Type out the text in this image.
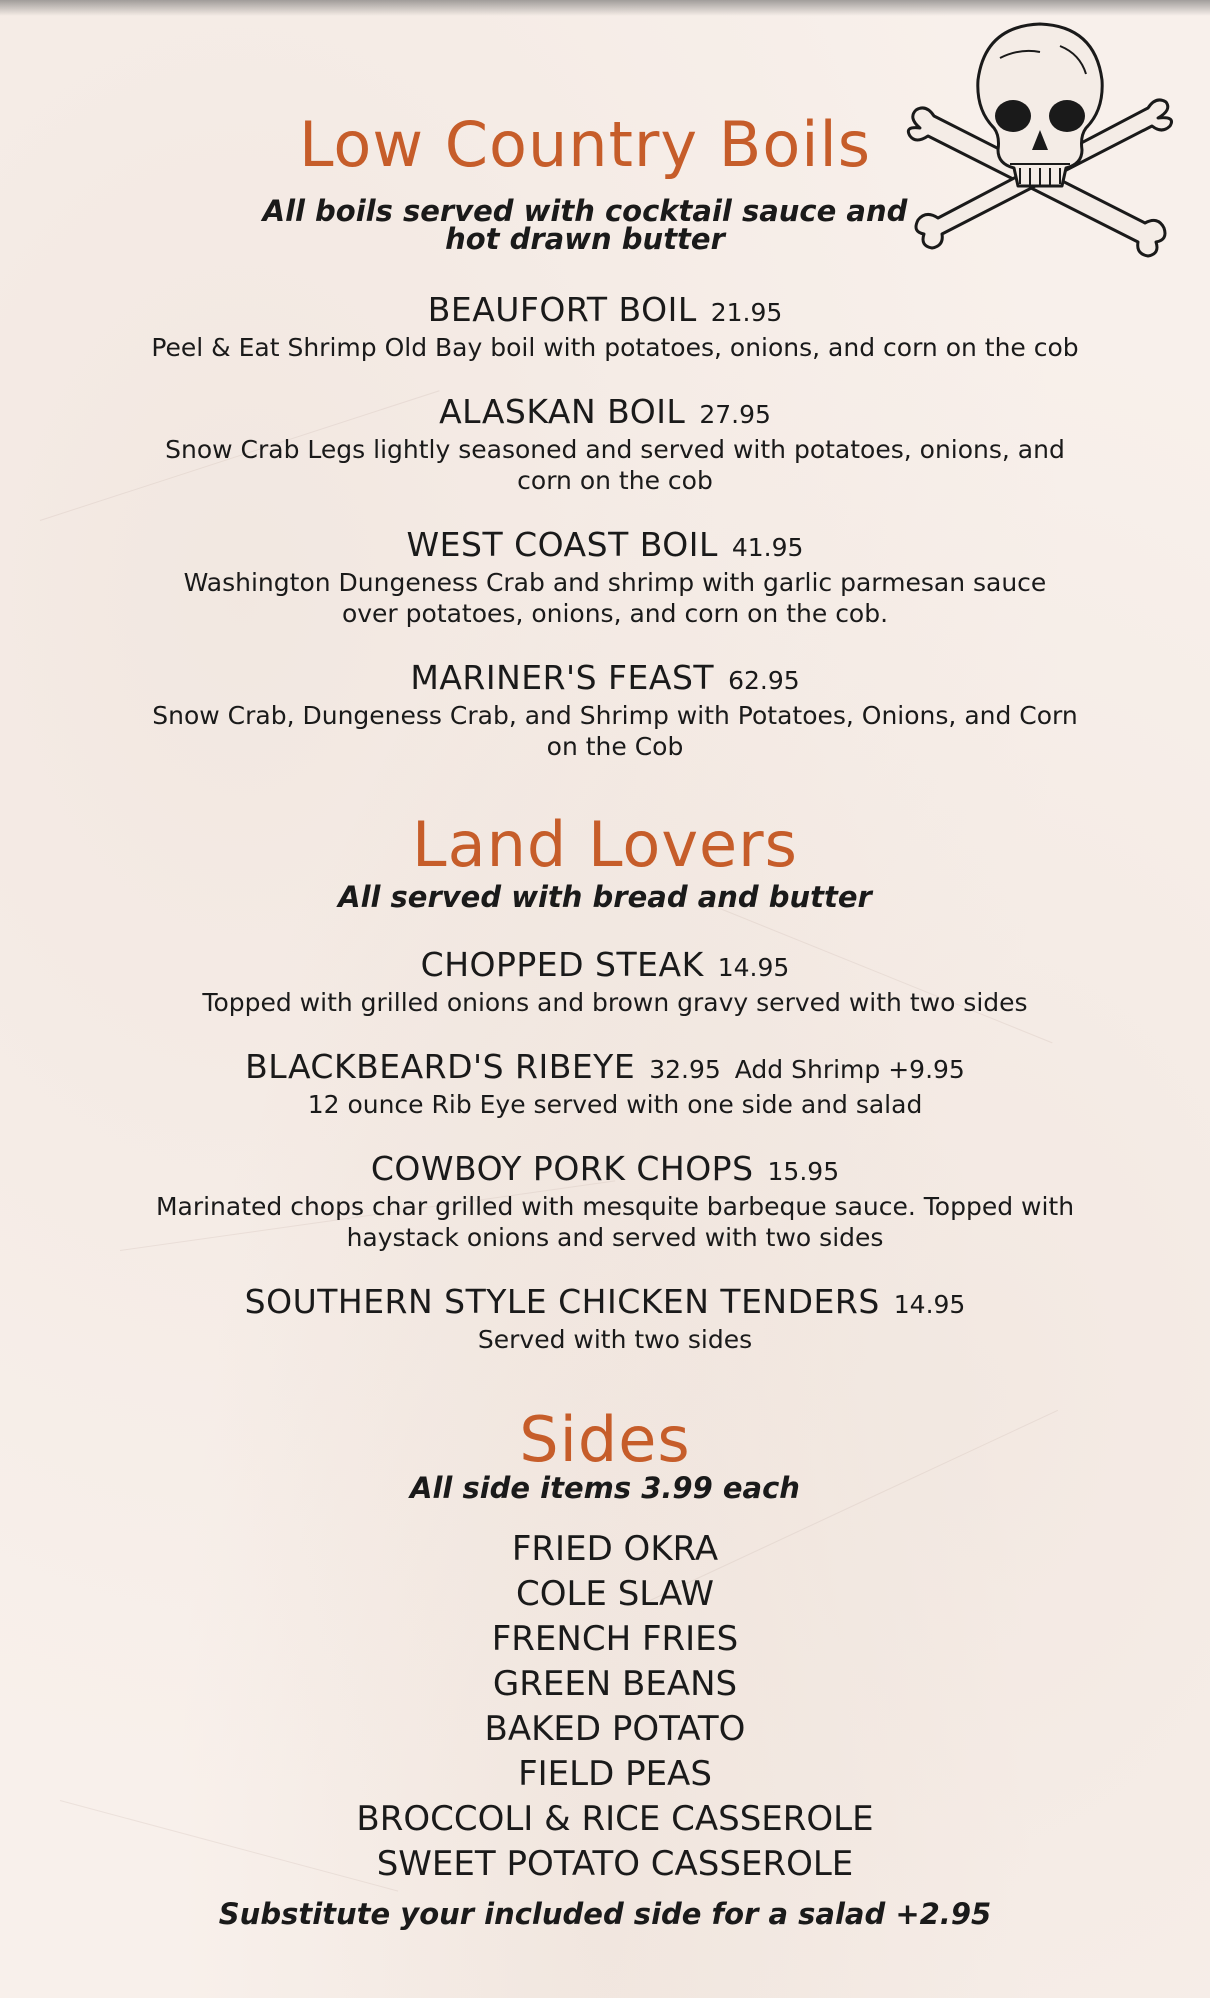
Low Country Boils
All boils served with cocktail sauce and
hot drawn butter
BEAUFORT BOIL 21.95
Peel & Eat Shrimp Old Bay boil with potatoes, onions, and corn on the cob
ALASKAN BOIL 27.95
Snow Crab Legs lightly seasoned and served with potatoes, onions, and
corn on the cob
WEST COAST BOIL 41.95
Washington Dungeness Crab and shrimp with garlic parmesan sauce
over potatoes, onions, and corn on the cob.
MARINER'S FEAST 62.95
Snow Crab, Dungeness Crab, and Shrimp with Potatoes, Onions, and Corn
on the Cob
Land Lovers
All served with bread and butter
CHOPPED STEAK 14.95
Topped with grilled onions and brown gravy served with two sides
BLACKBEARD'S RIBEYE 32.95 Add Shrimp +9.95
12 ounce Rib Eye served with one side and salad
COWBOY PORK CHOPS 15.95
Marinated chops char grilled with mesquite barbeque sauce. Topped with
haystack onions and served with two sides
SOUTHERN STYLE CHICKEN TENDERS 14.95
Served with two sides
Sides
All side items 3.99 each
FRIED OKRA
COLE SLAW
FRENCH FRIES
GREEN BEANS
BAKED POTATO
FIELD PEAS
BROCCOLI & RICE CASSEROLE
SWEET POTATO CASSEROLE
Substitute your included side for a salad +2.95
